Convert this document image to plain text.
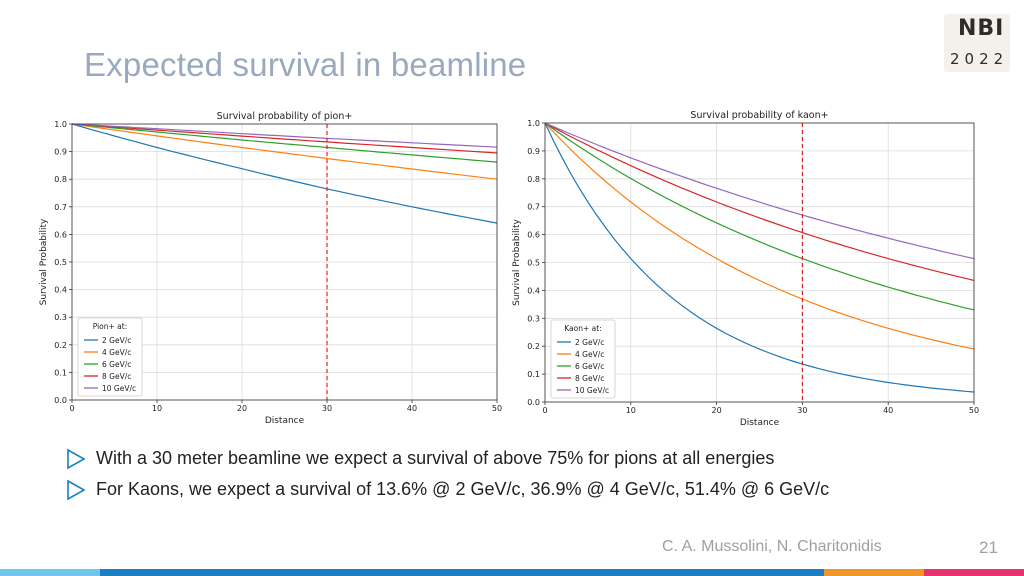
Expected survival in beamline
NBI
2022
Survival probability of pion+
0	10	20	30	40	50
0.0
0.1
0.2
0.3
0.4
0.5
0.6
0.7
0.8
0.9
1.0
Distance
Survival Probability
Pion+ at:
2 GeV/c
4 GeV/c
6 GeV/c
8 GeV/c
10 GeV/c
Survival probability of kaon+
0	10	20	30	40	50
0.0
0.1
0.2
0.3
0.4
0.5
0.6
0.7
0.8
0.9
1.0
Distance
Survival Probability
Kaon+ at:
2 GeV/c
4 GeV/c
6 GeV/c
8 GeV/c
10 GeV/c
With a 30 meter beamline we expect a survival of above 75% for pions at all energies
For Kaons, we expect a survival of 13.6% @ 2 GeV/c, 36.9% @ 4 GeV/c, 51.4% @ 6 GeV/c
C. A. Mussolini, N. Charitonidis	21
